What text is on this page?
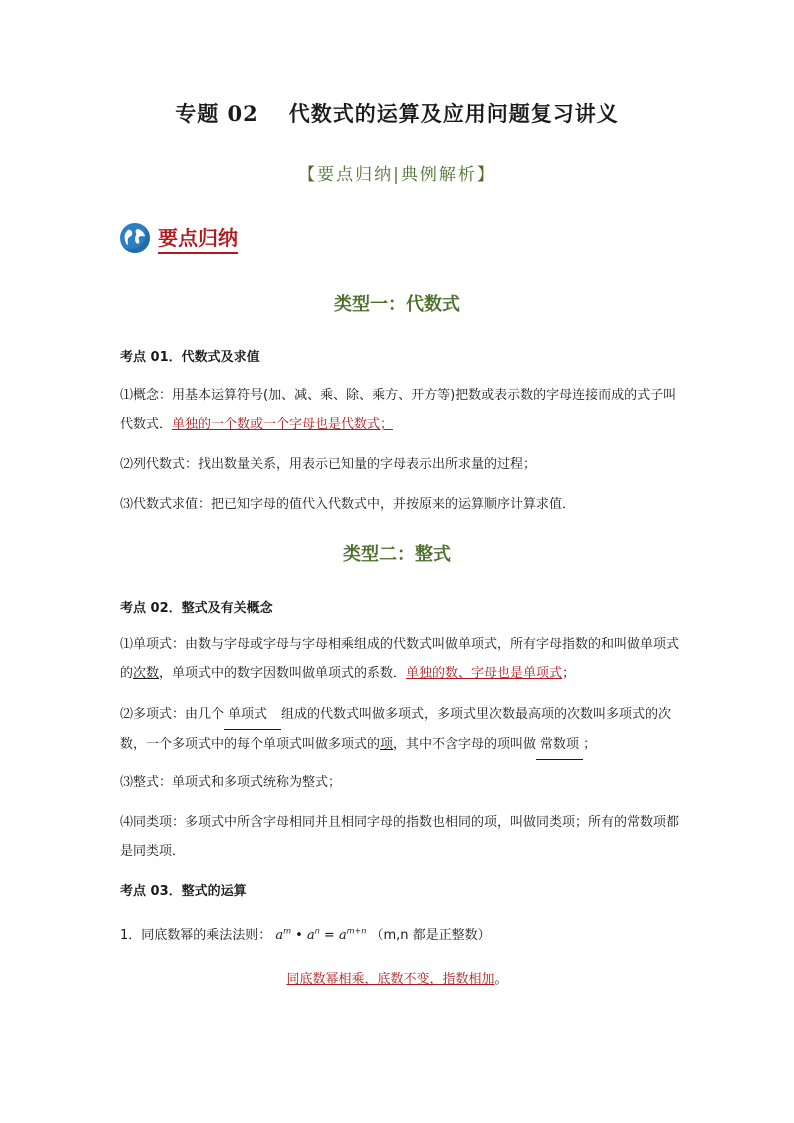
专题 02 代数式的运算及应用问题复习讲义
【要点归纳|典例解析】
要点归纳
类型一：代数式
考点 01．代数式及求值
⑴概念：用基本运算符号(加、减、乘、除、乘方、开方等)把数或表示数的字母连接而成的式子叫代数式．单独的一个数或一个字母也是代数式；
⑵列代数式：找出数量关系，用表示已知量的字母表示出所求量的过程；
⑶代数式求值：把已知字母的值代入代数式中，并按原来的运算顺序计算求值．
类型二：整式
考点 02．整式及有关概念
⑴单项式：由数与字母或字母与字母相乘组成的代数式叫做单项式，所有字母指数的和叫做单项式的次数，单项式中的数字因数叫做单项式的系数．单独的数、字母也是单项式；
⑵多项式：由几个 单项式 组成的代数式叫做多项式，多项式里次数最高项的次数叫多项式的次数，一个多项式中的每个单项式叫做多项式的项，其中不含字母的项叫做 常数项 ；
⑶整式：单项式和多项式统称为整式；
⑷同类项：多项式中所含字母相同并且相同字母的指数也相同的项，叫做同类项；所有的常数项都是同类项．
考点 03．整式的运算
1．同底数幂的乘法法则： $a^m$ • $a^n = a^{m+n}$ （m,n 都是正整数）
同底数幂相乘，底数不变，指数相加。
